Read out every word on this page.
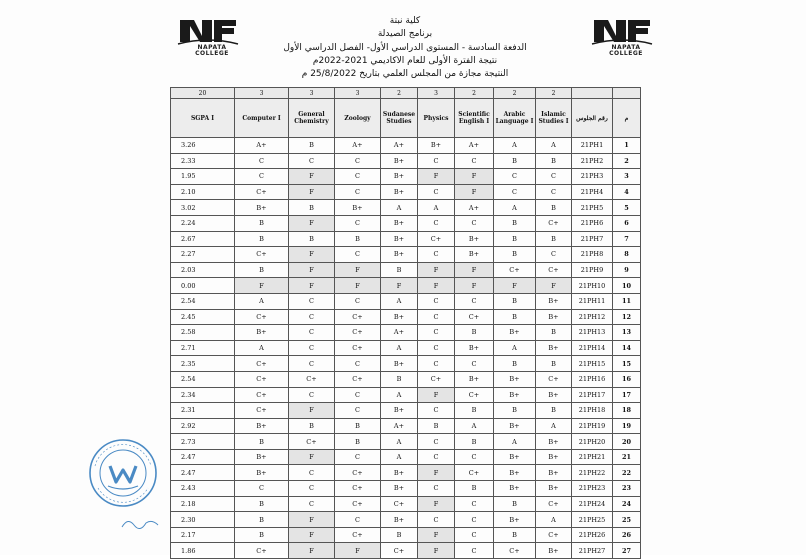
NAPATA COLLEGE
NAPATA COLLEGE
كلية نبتة
برنامج الصيدلة
الدفعة السادسة - المستوى الدراسي الأول- الفصل الدراسي الأول
نتيجة الفترة الأولى للعام الاكاديمي 2021-2022م
النتيجة مجازة من المجلس العلمي بتاريخ 25/8/2022 م
20	3	3	3	2	3	2	2	2		
SGPA I	Computer I	General Chemistry	Zoology	Sudanese Studies	Physics	Scientific English I	Arabic Language I	Islamic Studies I	رقم الجلوس	م
3.26	A+	B	A+	A+	B+	A+	A	A	21PH1	1
2.33	C	C	C	B+	C	C	B	B	21PH2	2
1.95	C	F	C	B+	F	F	C	C	21PH3	3
2.10	C+	F	C	B+	C	F	C	C	21PH4	4
3.02	B+	B	B+	A	A	A+	A	B	21PH5	5
2.24	B	F	C	B+	C	C	B	C+	21PH6	6
2.67	B	B	B	B+	C+	B+	B	B	21PH7	7
2.27	C+	F	C	B+	C	B+	B	C	21PH8	8
2.03	B	F	F	B	F	F	C+	C+	21PH9	9
0.00	F	F	F	F	F	F	F	F	21PH10	10
2.54	A	C	C	A	C	C	B	B+	21PH11	11
2.45	C+	C	C+	B+	C	C+	B	B+	21PH12	12
2.58	B+	C	C+	A+	C	B	B+	B	21PH13	13
2.71	A	C	C+	A	C	B+	A	B+	21PH14	14
2.35	C+	C	C	B+	C	C	B	B	21PH15	15
2.54	C+	C+	C+	B	C+	B+	B+	C+	21PH16	16
2.34	C+	C	C	A	F	C+	B+	B+	21PH17	17
2.31	C+	F	C	B+	C	B	B	B	21PH18	18
2.92	B+	B	B	A+	B	A	B+	A	21PH19	19
2.73	B	C+	B	A	C	B	A	B+	21PH20	20
2.47	B+	F	C	A	C	C	B+	B+	21PH21	21
2.47	B+	C	C+	B+	F	C+	B+	B+	21PH22	22
2.43	C	C	C+	B+	C	B	B+	B+	21PH23	23
2.18	B	C	C+	C+	F	C	B	C+	21PH24	24
2.30	B	F	C	B+	C	C	B+	A	21PH25	25
2.17	B	F	C+	B	F	C	B	C+	21PH26	26
1.86	C+	F	F	C+	F	C	C+	B+	21PH27	27
